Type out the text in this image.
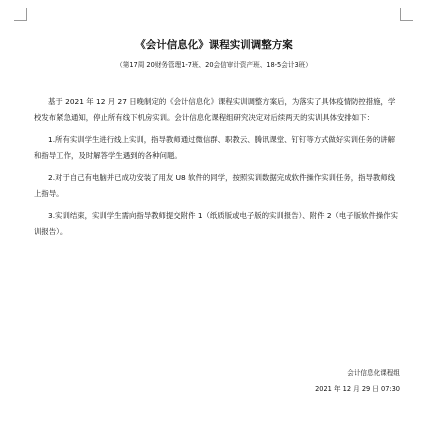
《会计信息化》课程实训调整方案
（第17周 20财务管理1-7班、20会信审计资产班、18-5会计3班）

基于 2021 年 12 月 27 日晚制定的《会计信息化》课程实训调整方案后，为落实了具体疫情防控措施，学校发布紧急通知，停止所有线下机房实训。会计信息化课程组研究决定对后续两天的实训具体安排如下：

1.所有实训学生进行线上实训，指导教师通过微信群、职教云、腾讯课堂、钉钉等方式做好实训任务的讲解和指导工作，及时解答学生遇到的各种问题。

2.对于自己有电脑并已成功安装了用友 U8 软件的同学，按照实训数据完成软件操作实训任务，指导教师线上指导。

3.实训结束，实训学生需向指导教师提交附件 1（纸质版或电子版的实训报告）、附件 2（电子版软件操作实训报告）。

会计信息化课程组
2021 年 12 月 29 日 07:30
